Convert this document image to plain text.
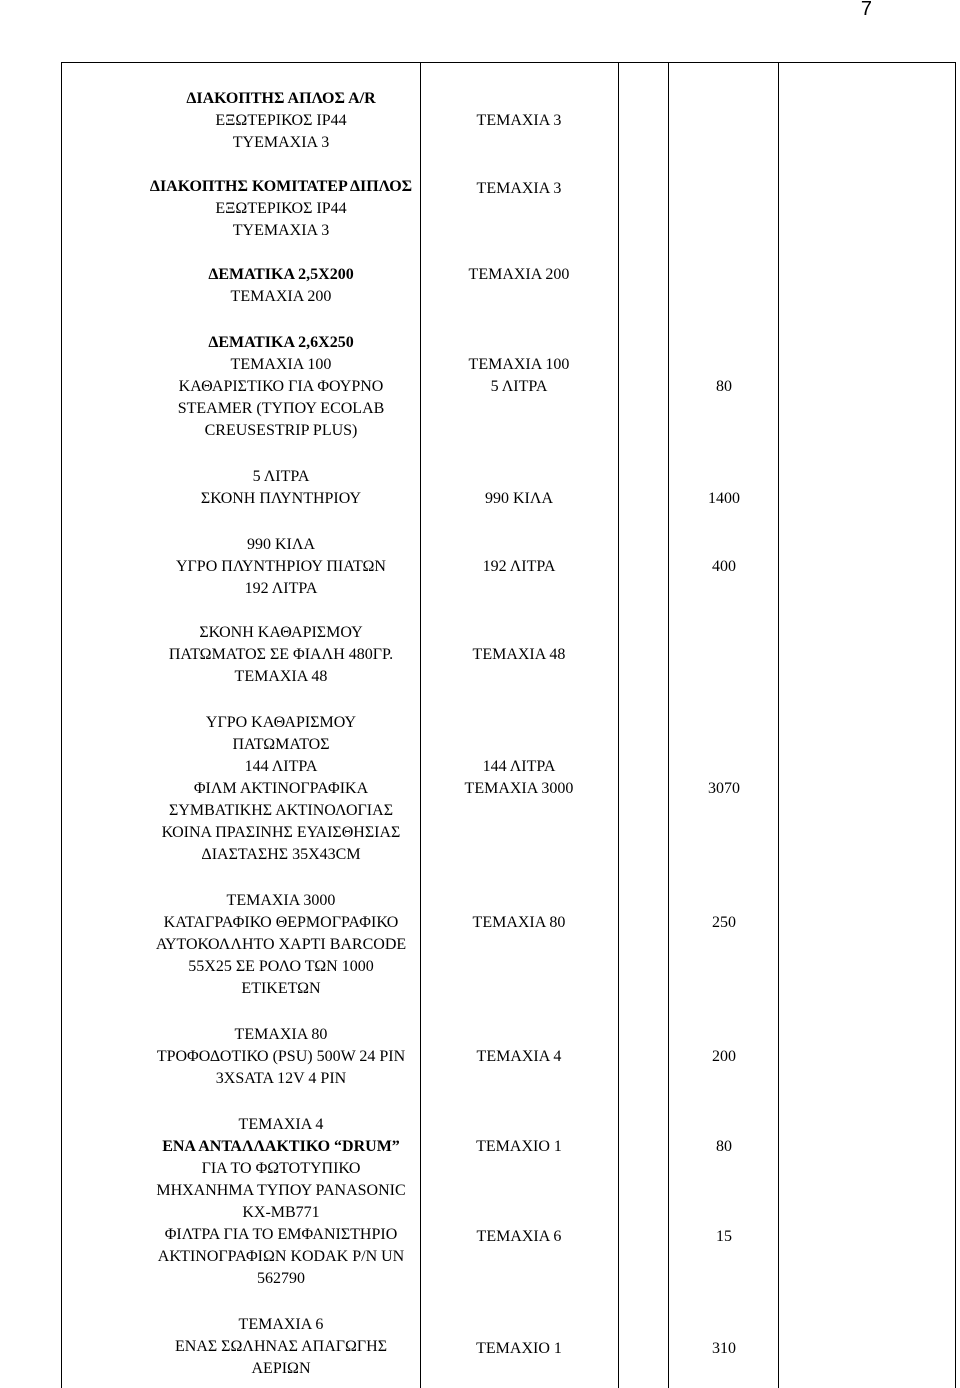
7
ΔΙΑΚΟΠΤΗΣ ΑΠΛΟΣ Α/R
ΕΞΩΤΕΡΙΚΟΣ IP44
ΤΥΕΜΑΧΙΑ 3
ΔΙΑΚΟΠΤΗΣ ΚΟΜΙΤΑΤΕΡ ΔΙΠΛΟΣ
ΕΞΩΤΕΡΙΚΟΣ IP44
ΤΥΕΜΑΧΙΑ 3
ΔΕΜΑΤΙΚΑ 2,5Χ200
ΤΕΜΑΧΙΑ 200
ΔΕΜΑΤΙΚΑ 2,6Χ250
ΤΕΜΑΧΙΑ 100
ΚΑΘΑΡΙΣΤΙΚΟ ΓΙΑ ΦΟΥΡΝΟ
STEAMER (ΤΥΠΟΥ ECOLAB
CREUSESTRIP PLUS)
5 ΛΙΤΡΑ
ΣΚΟΝΗ ΠΛΥΝΤΗΡΙΟΥ
990 ΚΙΛΑ
ΥΓΡΟ ΠΛΥΝΤΗΡΙΟΥ ΠΙΑΤΩΝ
192 ΛΙΤΡΑ
ΣΚΟΝΗ ΚΑΘΑΡΙΣΜΟΥ
ΠΑΤΩΜΑΤΟΣ ΣΕ ΦΙΑΛΗ 480ΓΡ.
ΤΕΜΑΧΙΑ 48
ΥΓΡΟ ΚΑΘΑΡΙΣΜΟΥ
ΠΑΤΩΜΑΤΟΣ
144 ΛΙΤΡΑ
ΦΙΛΜ ΑΚΤΙΝΟΓΡΑΦΙΚΑ
ΣΥΜΒΑΤΙΚΗΣ ΑΚΤΙΝΟΛΟΓΙΑΣ
ΚΟΙΝΑ ΠΡΑΣΙΝΗΣ ΕΥΑΙΣΘΗΣΙΑΣ
ΔΙΑΣΤΑΣΗΣ 35Χ43CM
ΤΕΜΑΧΙΑ 3000
ΚΑΤΑΓΡΑΦΙΚΟ ΘΕΡΜΟΓΡΑΦΙΚΟ
ΑΥΤΟΚΟΛΛΗΤΟ ΧΑΡΤΙ BARCODE
55Χ25 ΣΕ ΡΟΛΟ ΤΩΝ 1000
ΕΤΙΚΕΤΩΝ
ΤΕΜΑΧΙΑ 80
ΤΡΟΦΟΔΟΤΙΚΟ (PSU) 500W 24 PIN
3XSATA 12V 4 PIN
ΤΕΜΑΧΙΑ 4
ΕΝΑ ΑΝΤΑΛΛΑΚΤΙΚΟ “DRUM”
ΓΙΑ ΤΟ ΦΩΤΟΤΥΠΙΚΟ
ΜΗΧΑΝΗΜΑ ΤΥΠΟΥ PANASONIC
KX-MB771
ΦΙΛΤΡΑ ΓΙΑ ΤΟ ΕΜΦΑΝΙΣΤΗΡΙΟ
ΑΚΤΙΝΟΓΡΑΦΙΩΝ KODAK P/N UN
562790
ΤΕΜΑΧΙΑ 6
ΕΝΑΣ ΣΩΛΗΝΑΣ ΑΠΑΓΩΓΗΣ
ΑΕΡΙΩΝ
ΤΕΜΑΧΙΑ 3
ΤΕΜΑΧΙΑ 3
ΤΕΜΑΧΙΑ 200
ΤΕΜΑΧΙΑ 100
5 ΛΙΤΡΑ
990 ΚΙΛΑ
192 ΛΙΤΡΑ
ΤΕΜΑΧΙΑ 48
144 ΛΙΤΡΑ
ΤΕΜΑΧΙΑ 3000
ΤΕΜΑΧΙΑ 80
ΤΕΜΑΧΙΑ 4
ΤΕΜΑΧΙΟ 1
ΤΕΜΑΧΙΑ 6
ΤΕΜΑΧΙΟ 1
80
1400
400
3070
250
200
80
15
310
